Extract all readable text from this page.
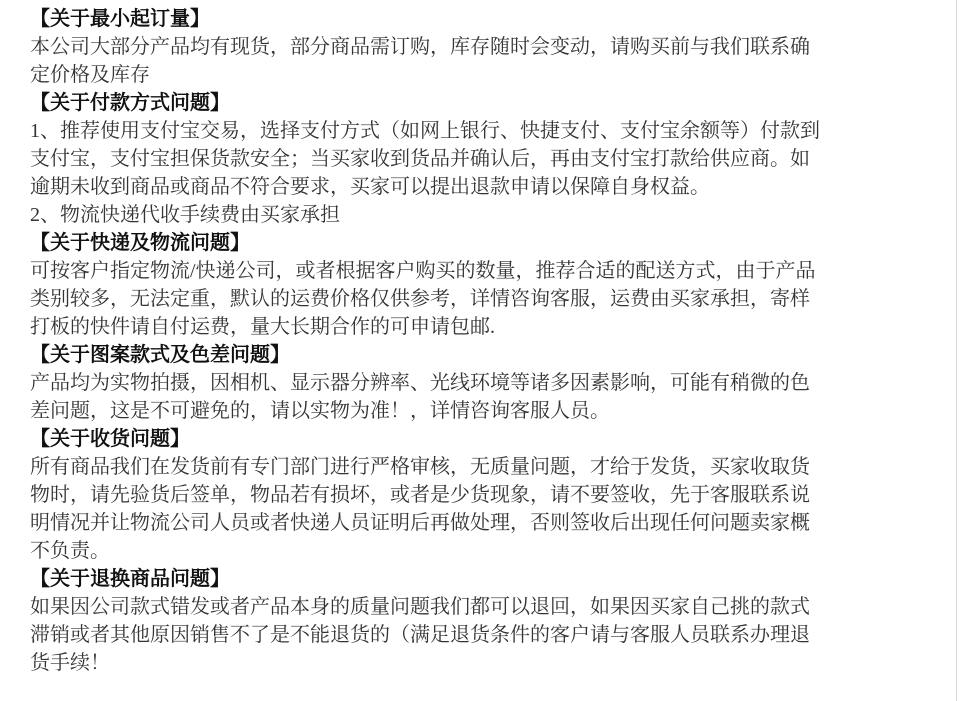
【关于最小起订量】

本公司大部分产品均有现货，部分商品需订购，库存随时会变动，请购买前与我们联系确定价格及库存

【关于付款方式问题】

1、推荐使用支付宝交易，选择支付方式（如网上银行、快捷支付、支付宝余额等）付款到支付宝，支付宝担保货款安全；当买家收到货品并确认后，再由支付宝打款给供应商。如逾期未收到商品或商品不符合要求，买家可以提出退款申请以保障自身权益。

2、物流快递代收手续费由买家承担

【关于快递及物流问题】

可按客户指定物流/快递公司，或者根据客户购买的数量，推荐合适的配送方式，由于产品类别较多，无法定重，默认的运费价格仅供参考，详情咨询客服，运费由买家承担，寄样打板的快件请自付运费，量大长期合作的可申请包邮.

【关于图案款式及色差问题】

产品均为实物拍摄，因相机、显示器分辨率、光线环境等诸多因素影响，可能有稍微的色差问题，这是不可避免的，请以实物为准！，详情咨询客服人员。

【关于收货问题】

所有商品我们在发货前有专门部门进行严格审核，无质量问题，才给于发货，买家收取货物时，请先验货后签单，物品若有损坏，或者是少货现象，请不要签收，先于客服联系说明情况并让物流公司人员或者快递人员证明后再做处理，否则签收后出现任何问题卖家概不负责。

【关于退换商品问题】

如果因公司款式错发或者产品本身的质量问题我们都可以退回，如果因买家自己挑的款式滞销或者其他原因销售不了是不能退货的（满足退货条件的客户请与客服人员联系办理退货手续！
